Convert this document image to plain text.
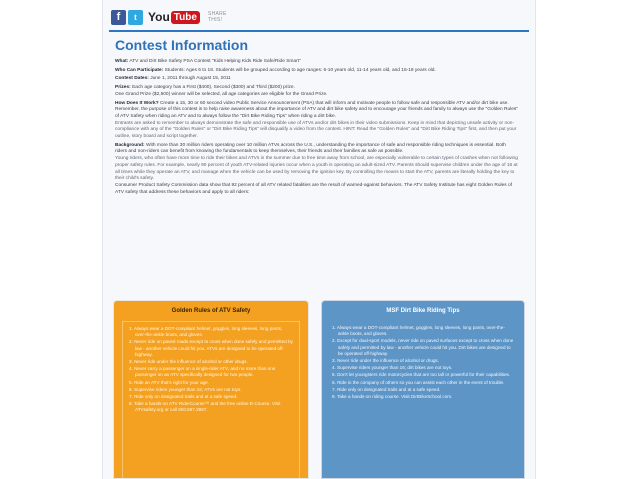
f	t You Tube	SHARE
THIS!
Contest Information

What: ATV and Dirt Bike Safety PSA Contest "Kids Helping Kids Ride Safe/Ride Smart"

Who Can Participate: Students: Ages 6 to 18. Students will be grouped according to age ranges: 6-10 years old, 11-14 years old, and 15-18 years old.

Contest Dates: June 1, 2011 through August 15, 2011

Prizes: Each age category has a First ($400), Second ($300) and Third ($200) prize.
One Grand Prize ($2,500) winner will be selected, all age categories are eligible for the Grand Prize.

How Does It Work? Create a 15, 30 or 60 second video Public Service Announcement (PSA) that will inform and motivate people to follow safe and responsible ATV and/or dirt bike use.
Remember, the purpose of this contest is to help raise awareness about the importance of ATV and dirt bike safety and to encourage your friends and family to always use the "Golden Rules" of ATV Safety when riding an ATV and to always follow the "Dirt Bike Riding Tips" when riding a dirt bike.
Entrants are asked to remember to always demonstrate the safe and responsible use of ATVs and/or dirt bikes in their video submissions. Keep in mind that depicting unsafe activity or non-compliance with any of the "Golden Rules" or "Dirt Bike Riding Tips" will disqualify a video from the contest. HINT: Read the "Golden Rules" and "Dirt Bike Riding Tips" first, and then put your outline, story board and script together.

Background: With more than 30 million riders operating over 10 million ATVs across the U.S., understanding the importance of safe and responsible riding techniques is essential. Both riders and non-riders can benefit from knowing the fundamentals to keep themselves, their friends and their families as safe as possible.
Young riders, who often have more time to ride their bikes and ATVs in the summer due to free time away from school, are especially vulnerable to certain types of crashes when not following proper safety rules. For example, nearly 90 percent of youth ATV-related injuries occur when a youth is operating an adult-sized ATV. Parents should supervise children under the age of 16 at all times while they operate an ATV, and manage when the vehicle can be used by removing the ignition key. By controlling the means to start the ATV, parents are literally holding the key to their child's safety.
Consumer Product Safety Commission data show that 92 percent of all ATV related fatalities are the result of warned-against behaviors. The ATV Safety Institute has eight Golden Rules of ATV safety that address these behaviors and apply to all riders:

Golden Rules of ATV Safety
1. Always wear a DOT-compliant helmet, goggles, long sleeves, long pants, over-the-ankle boots, and gloves.
2. Never ride on paved roads except to cross when done safely and permitted by law - another vehicle could hit you. ATVs are designed to be operated off-highway.
3. Never ride under the influence of alcohol or other drugs.
4. Never carry a passenger on a single-rider ATV, and no more than one passenger on an ATV specifically designed for two people.
5. Ride an ATV that's right for your age.
6. Supervise riders younger than 16; ATVs are not toys.
7. Ride only on designated trails and at a safe speed.
8. Take a hands-on ATV RiderCourse™ and the free online E-Course. Visit ATVsafety.org or call 800.887.2887.
MSF Dirt Bike Riding Tips
1. Always wear a DOT-compliant helmet, goggles, long sleeves, long pants, over-the-ankle boots, and gloves.
2. Except for dual-sport models, never ride on paved surfaces except to cross when done safely and permitted by law - another vehicle could hit you. Dirt bikes are designed to be operated off-highway.
3. Never ride under the influence of alcohol or drugs.
4. Supervise riders younger than 16; dirt bikes are not toys.
5. Don't let youngsters ride motorcycles that are too tall or powerful for their capabilities.
6. Ride in the company of others so you can assist each other in the event of trouble.
7. Ride only on designated trails and at a safe speed.
8. Take a hands-on riding course. Visit DirtBikeSchool.com.
